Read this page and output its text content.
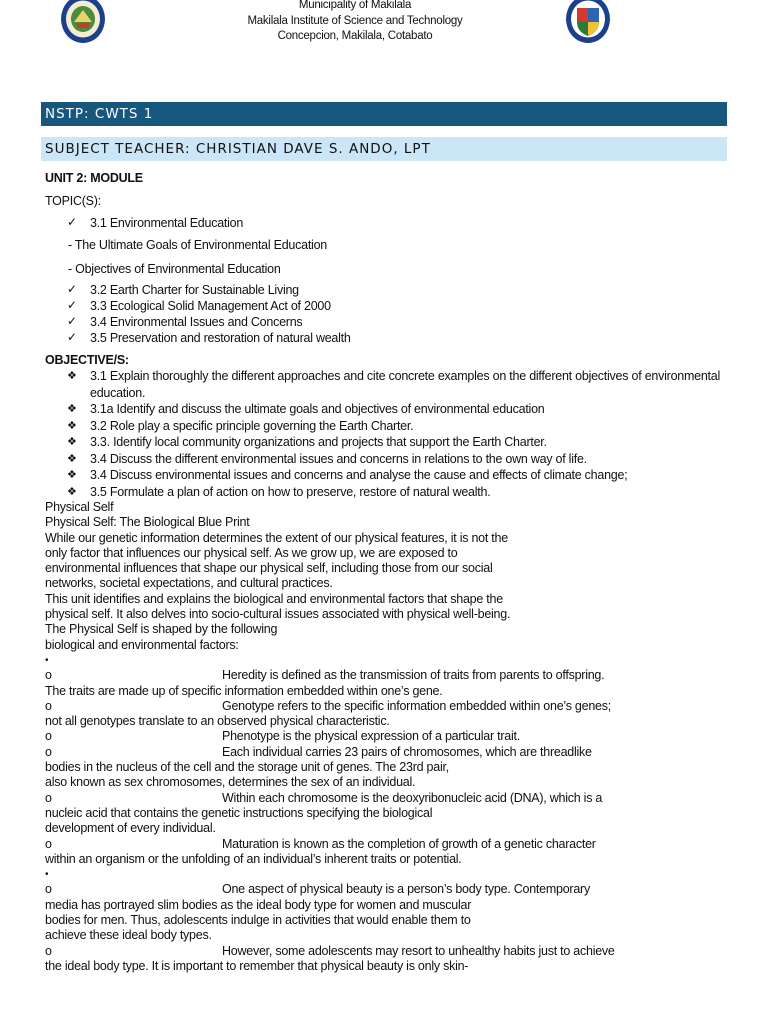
Municipality of Makilala
Makilala Institute of Science and Technology
Concepcion, Makilala, Cotabato
NSTP: CWTS 1
SUBJECT TEACHER: CHRISTIAN DAVE S. ANDO, LPT
UNIT 2: MODULE
TOPIC(S):
✓ 3.1 Environmental Education
- The Ultimate Goals of Environmental Education
- Objectives of Environmental Education
✓ 3.2 Earth Charter for Sustainable Living
✓ 3.3 Ecological Solid Management Act of 2000
✓ 3.4 Environmental Issues and Concerns
✓ 3.5 Preservation and restoration of natural wealth
OBJECTIVE/S:
❖ 3.1 Explain thoroughly the different approaches and cite concrete examples on the different objectives of environmental education.
❖ 3.1a Identify and discuss the ultimate goals and objectives of environmental education
❖ 3.2 Role play a specific principle governing the Earth Charter.
❖ 3.3. Identify local community organizations and projects that support the Earth Charter.
❖ 3.4 Discuss the different environmental issues and concerns in relations to the own way of life.
❖ 3.4 Discuss environmental issues and concerns and analyse the cause and effects of climate change;
❖ 3.5 Formulate a plan of action on how to preserve, restore of natural wealth.
Physical Self
Physical Self: The Biological Blue Print
While our genetic information determines the extent of our physical features, it is not the
only factor that influences our physical self. As we grow up, we are exposed to
environmental influences that shape our physical self, including those from our social
networks, societal expectations, and cultural practices.
This unit identifies and explains the biological and environmental factors that shape the
physical self. It also delves into socio-cultural issues associated with physical well-being.
The Physical Self is shaped by the following
biological and environmental factors:
•
o	Heredity is defined as the transmission of traits from parents to offspring.
The traits are made up of specific information embedded within one’s gene.
o	Genotype refers to the specific information embedded within one’s genes;
not all genotypes translate to an observed physical characteristic.
o	Phenotype is the physical expression of a particular trait.
o	Each individual carries 23 pairs of chromosomes, which are threadlike
bodies in the nucleus of the cell and the storage unit of genes. The 23rd pair,
also known as sex chromosomes, determines the sex of an individual.
o	Within each chromosome is the deoxyribonucleic acid (DNA), which is a
nucleic acid that contains the genetic instructions specifying the biological
development of every individual.
o	Maturation is known as the completion of growth of a genetic character
within an organism or the unfolding of an individual’s inherent traits or potential.
•
o	One aspect of physical beauty is a person’s body type. Contemporary
media has portrayed slim bodies as the ideal body type for women and muscular
bodies for men. Thus, adolescents indulge in activities that would enable them to
achieve these ideal body types.
o	However, some adolescents may resort to unhealthy habits just to achieve
the ideal body type. It is important to remember that physical beauty is only skin-
